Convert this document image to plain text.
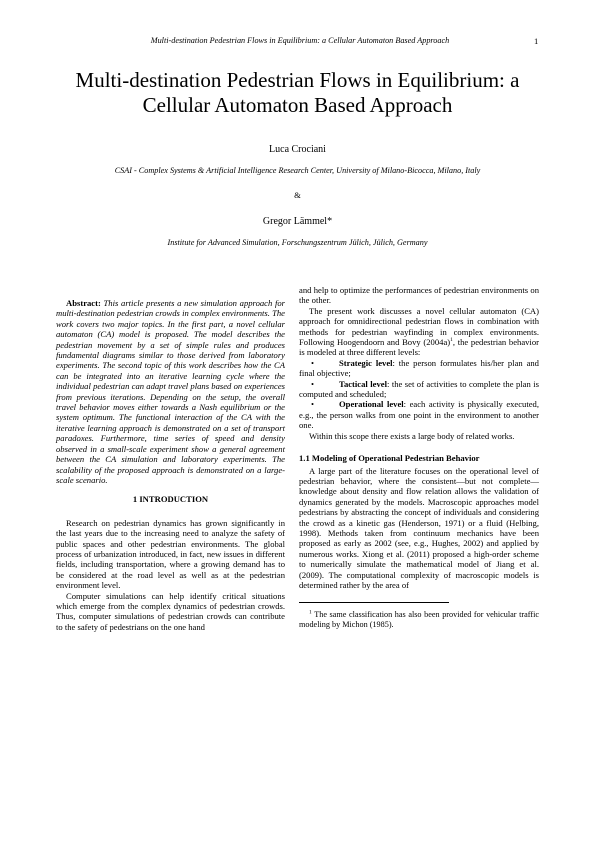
Multi-destination Pedestrian Flows in Equilibrium: a Cellular Automaton Based Approach	1
Multi-destination Pedestrian Flows in Equilibrium: a
Cellular Automaton Based Approach
Luca Crociani
CSAI - Complex Systems & Artificial Intelligence Research Center, University of Milano-Bicocca, Milano, Italy
&
Gregor Lämmel*
Institute for Advanced Simulation, Forschungszentrum Jülich, Jülich, Germany

Abstract: This article presents a new simulation approach for multi-destination pedestrian crowds in complex environments. The work covers two major topics. In the first part, a novel cellular automaton (CA) model is proposed. The model describes the pedestrian movement by a set of simple rules and produces fundamental diagrams similar to those derived from laboratory experiments. The second topic of this work describes how the CA can be integrated into an iterative learning cycle where the individual pedestrian can adapt travel plans based on experiences from previous iterations. Depending on the setup, the overall travel behavior moves either towards a Nash equilibrium or the system optimum. The functional interaction of the CA with the iterative learning approach is demonstrated on a set of transport paradoxes. Furthermore, time series of speed and density observed in a small-scale experiment show a general agreement between the CA simulation and laboratory experiments. The scalability of the proposed approach is demonstrated on a large-scale scenario.

1 INTRODUCTION

Research on pedestrian dynamics has grown significantly in the last years due to the increasing need to analyze the safety of public spaces and other pedestrian environments. The global process of urbanization introduced, in fact, new issues in different fields, including transportation, where a growing demand has to be considered at the road level as well as at the pedestrian environment level.

Computer simulations can help identify critical situations which emerge from the complex dynamics of pedestrian crowds. Thus, computer simulations of pedestrian crowds can contribute to the safety of pedestrians on the one hand

and help to optimize the performances of pedestrian environments on the other.

The present work discusses a novel cellular automaton (CA) approach for omnidirectional pedestrian flows in combination with methods for pedestrian wayfinding in complex environments. Following Hoogendoorn and Bovy $(2004a)^1$, the pedestrian behavior is modeled at three different levels:

•	Strategic level: the person formulates his/her plan and final objective;
•	Tactical level: the set of activities to complete the plan is computed and scheduled;
•	Operational level: each activity is physically executed, e.g., the person walks from one point in the environment to another one.

Within this scope there exists a large body of related works.

1.1 Modeling of Operational Pedestrian Behavior

A large part of the literature focuses on the operational level of pedestrian behavior, where the consistent—but not complete—knowledge about density and flow relation allows the validation of dynamics generated by the models. Macroscopic approaches model pedestrians by abstracting the concept of individuals and considering the crowd as a kinetic gas (Henderson, 1971) or a fluid (Helbing, 1998). Methods taken from continuum mechanics have been proposed as early as 2002 (see, e.g., Hughes, 2002) and applied by numerous works. Xiong et al. (2011) proposed a high-order scheme to numerically simulate the mathematical model of Jiang et al. (2009). The computational complexity of macroscopic models is determined rather by the area of

$^1$ The same classification has also been provided for vehicular traffic modeling by Michon (1985).
